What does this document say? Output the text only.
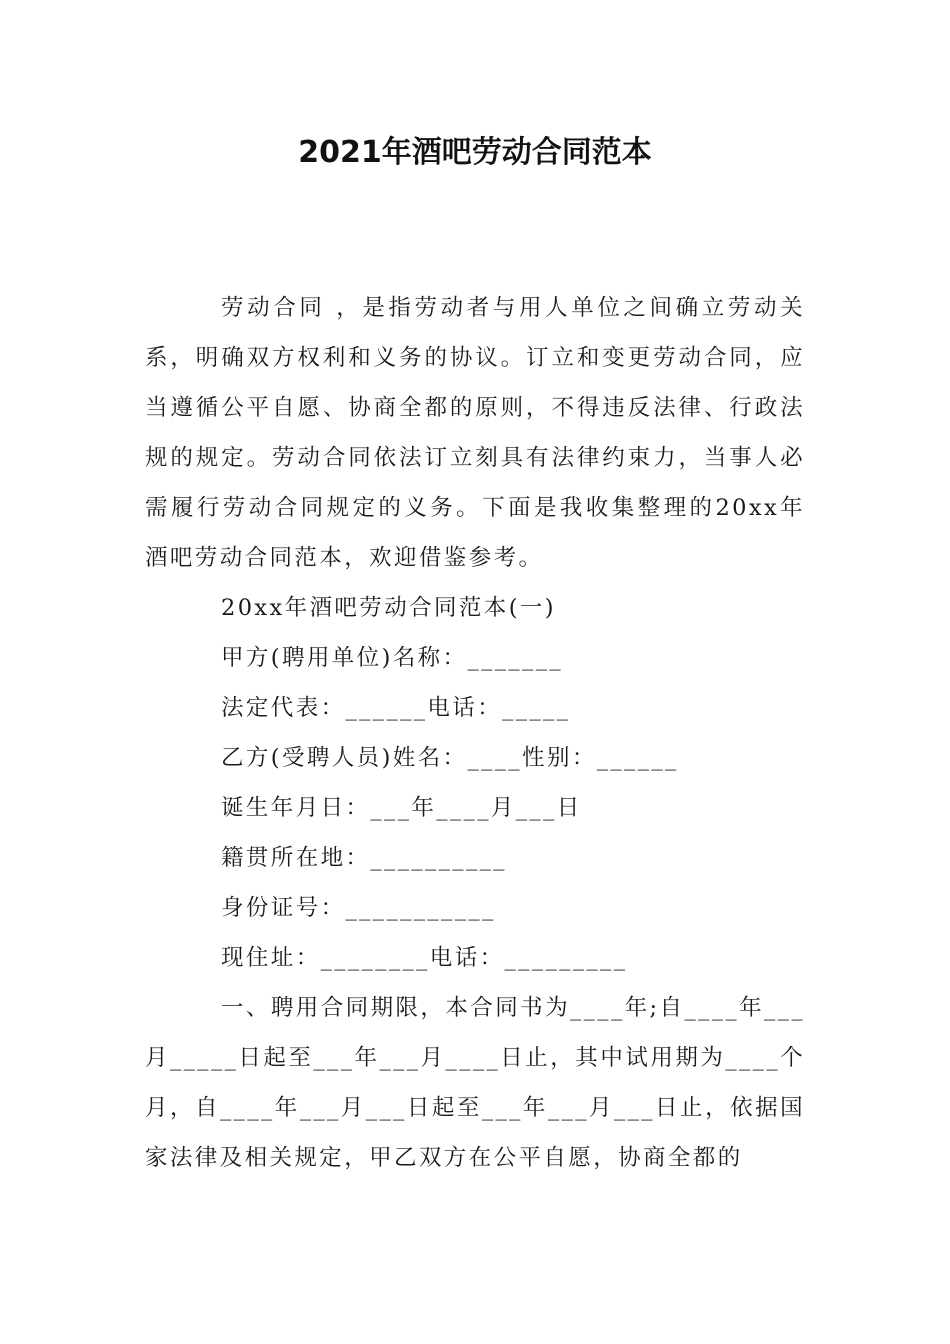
2021年酒吧劳动合同范本

劳动合同 ，是指劳动者与用人单位之间确立劳动关系，明确双方权利和义务的协议。订立和变更劳动合同，应当遵循公平自愿、协商全都的原则，不得违反法律、行政法规的规定。劳动合同依法订立刻具有法律约束力，当事人必需履行劳动合同规定的义务。下面是我收集整理的20xx年酒吧劳动合同范本，欢迎借鉴参考。

20xx年酒吧劳动合同范本(一)

甲方(聘用单位)名称：_______

法定代表：______电话：_____

乙方(受聘人员)姓名：____性别：______

诞生年月日：___年____月___日

籍贯所在地：__________

身份证号：___________

现住址：________电话：_________

一、聘用合同期限，本合同书为____年;自____年___月_____日起至___年___月____日止，其中试用期为____个月，自____年___月___日起至___年___月___日止，依据国家法律及相关规定，甲乙双方在公平自愿，协商全都的
